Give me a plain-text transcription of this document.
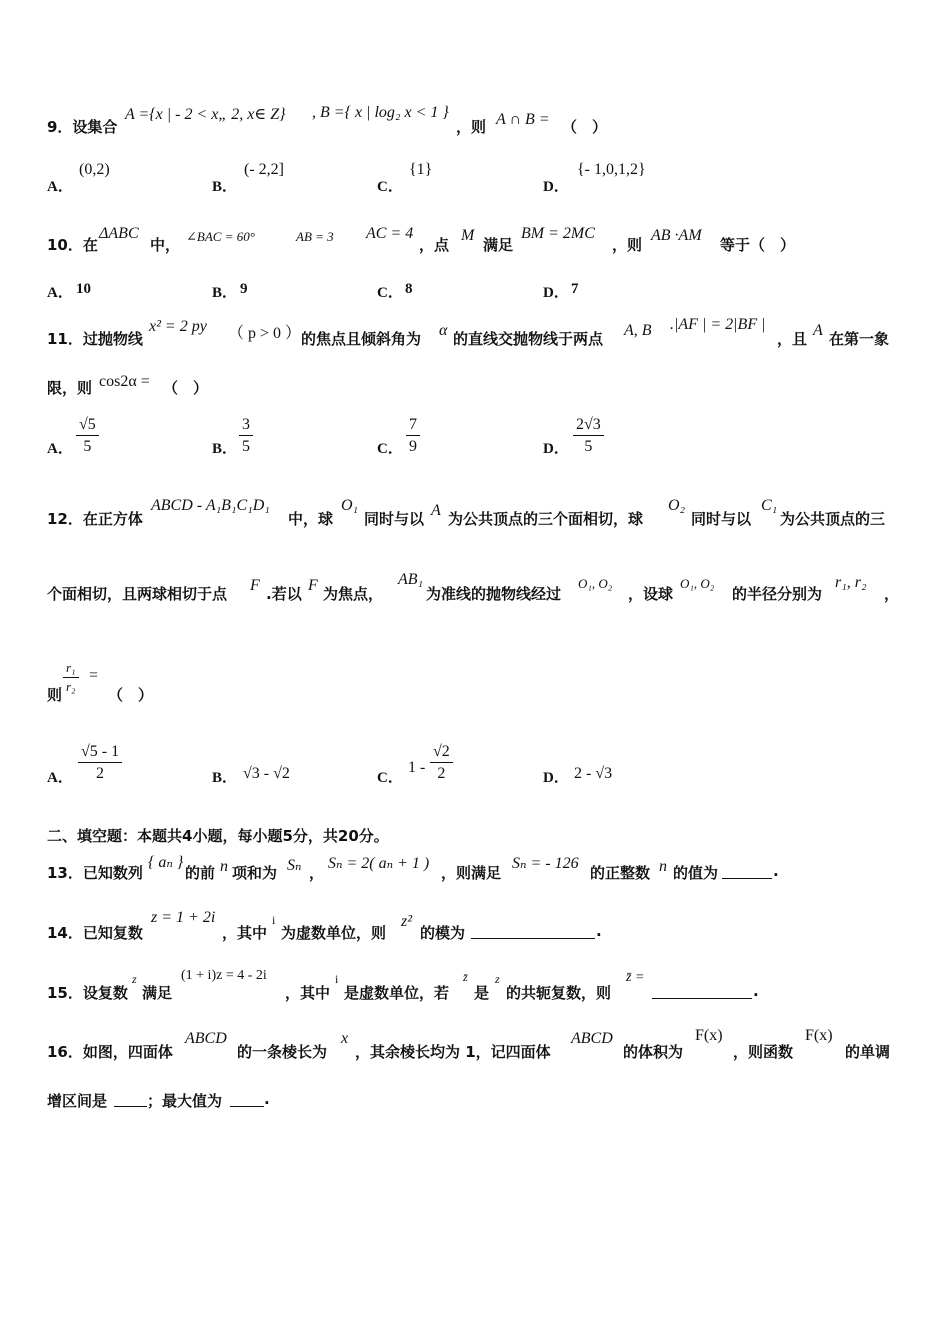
9．设集合
A ={x | - 2 < x„ 2, x∈ Z} , B ={ x | log₂ x < 1 }
，则 A ∩ B = （　）
A．
(0,2)
B．
(- 2,2]
C．
{1}
D．
{- 1,0,1,2}
10．在
ΔABC
中， ∠BAC = 60°	AB = 3 AC = 4
，点
M
满足
BM = 2MC
，则
AB ·AM
等于（　）
A． 10	B． 9	C． 8	D． 7
11．过抛物线
x² = 2 py （ p > 0 ） 的焦点且倾斜角为 α 的直线交抛物线于两点 A, B .|AF | = 2|BF |
，且 A 在第一象
限，则 cos2α = （　）
A． $\frac{√5}{5}$	B． $\frac{3}{5}$	C． $\frac{7}{9}$	D． $\frac{2√3}{5}$
12．在正方体
ABCD - A₁B₁C₁D₁
中，球
O₁
同时与以 A 为公共顶点的三个面相切，球
O₂
同时与以
C₁
为公共顶点的三
个面相切，且两球相切于点 F .若以 F 为焦点，
AB₁
为准线的抛物线经过
O₁, O₂
，设球
O₁, O₂
的半径分别为
r₁, r₂
，
则 $\frac{\text{r₁}}{\text{r₂}}$ =
（　）
A． $\frac{√5 - 1}{2}$	B． √3 - √2	C．
$1 - \frac{√2}{2}$	D． 2 - √3
二、填空题：本题共4小题，每小题5分，共20分。
13．已知数列
{ aₙ }
的前 n 项和为 Sₙ ，
Sₙ = 2( aₙ + 1 )
，则满足
Sₙ = - 126
的正整数 n 的值为	.
14．已知复数
z = 1 + 2i
，其中
i
为虚数单位，则
z²
的模为	.
15．设复数
z
满足
(1 + i)z = 4 - 2i
，其中
i
是虚数单位，若
z̄
是
z
的共轭复数，则
z̄ =
.
16．如图，四面体
ABCD
的一条棱长为
x
，其余棱长均为 1，记四面体
ABCD
的体积为
F(x)
，则函数
F(x)
的单调
增区间是	；最大值为	.
